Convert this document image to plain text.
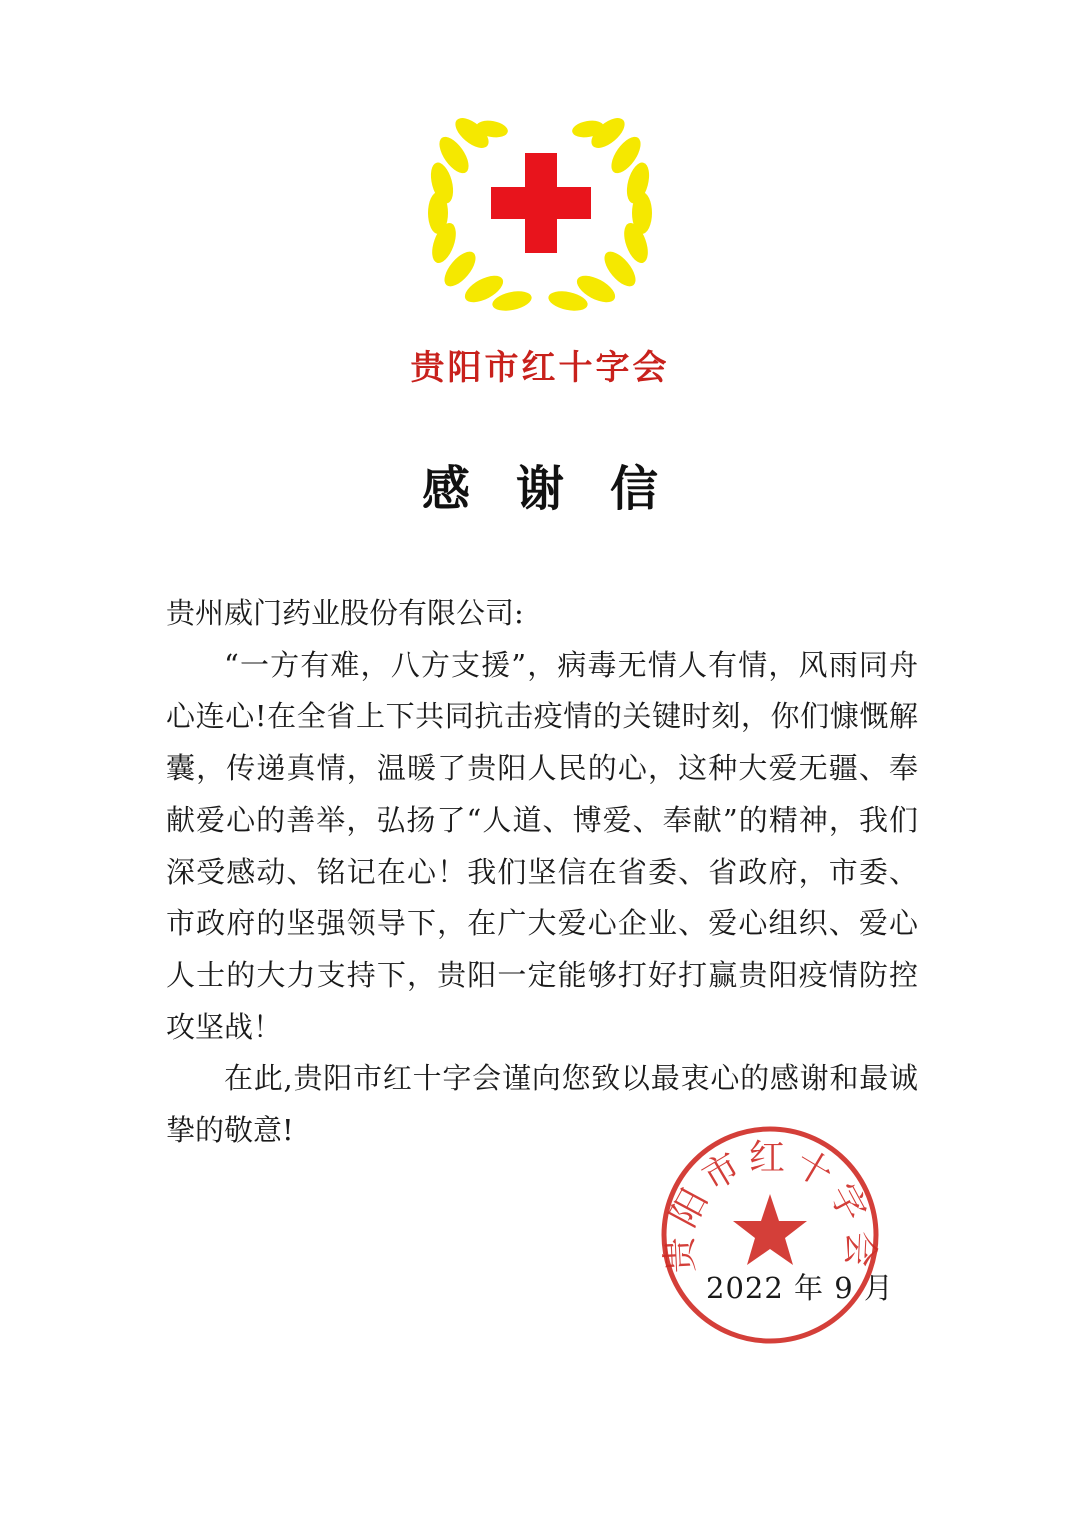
贵阳市红十字会
感谢信

贵州威门药业股份有限公司:

“一方有难，八方支援”，病毒无情人有情，风雨同舟心连心!在全省上下共同抗击疫情的关键时刻，你们慷慨解囊，传递真情，温暖了贵阳人民的心，这种大爱无疆、奉献爱心的善举，弘扬了“人道、博爱、奉献”的精神，我们深受感动、铭记在心！我们坚信在省委、省政府，市委、市政府的坚强领导下，在广大爱心企业、爱心组织、爱心人士的大力支持下，贵阳一定能够打好打赢贵阳疫情防控攻坚战！

在此,贵阳市红十字会谨向您致以最衷心的感谢和最诚挚的敬意!

贵阳市红十字会
2022 年 9 月
